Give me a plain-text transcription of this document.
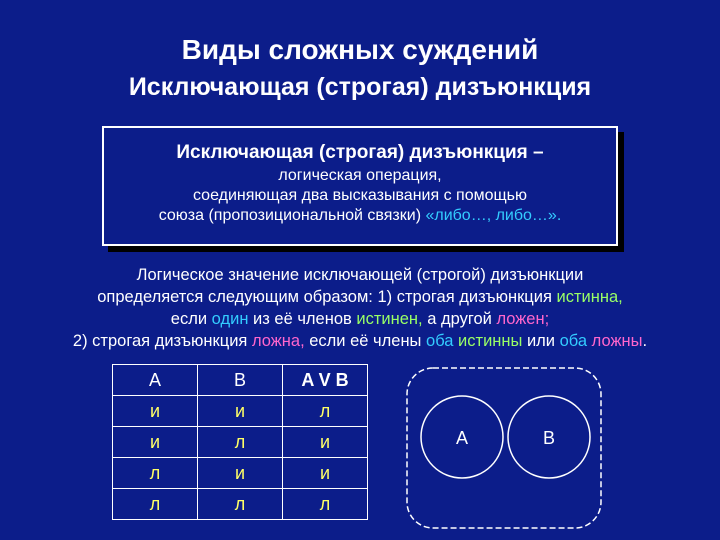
Виды сложных суждений
Исключающая (строгая) дизъюнкция
Исключающая (строгая) дизъюнкция –
логическая операция,
соединяющая два высказывания с помощью
союза (пропозициональной связки) «либо…, либо…».
Логическое значение исключающей (строгой) дизъюнкции
определяется следующим образом: 1) строгая дизъюнкция истинна,
если один из её членов истинен, а другой ложен;
2) строгая дизъюнкция ложна, если её члены оба истинны или оба ложны.
A	B	A V B
и	и	л
и	л	и
л	и	и
л	л	л
A	B
